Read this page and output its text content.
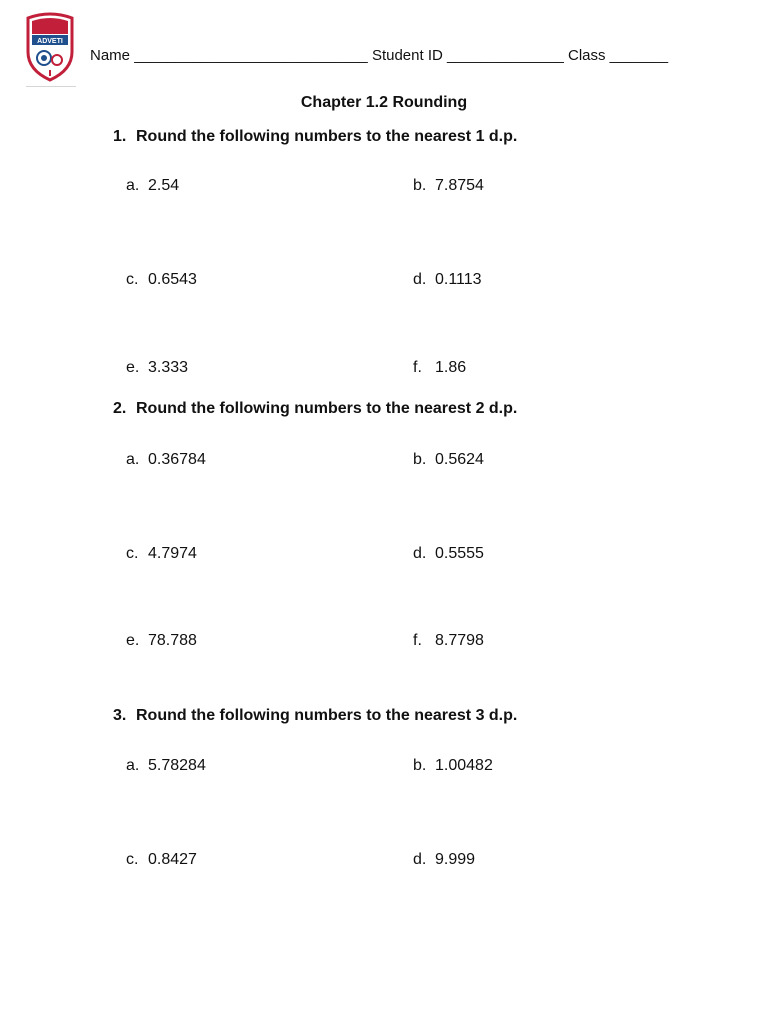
ADVETI
Name ____________________________ Student ID ______________ Class _______
Chapter 1.2 Rounding
1. Round the following numbers to the nearest 1 d.p.
a. 2.54	b. 7.8754
c. 0.6543	d. 0.1113
e. 3.333	f. 1.86
2. Round the following numbers to the nearest 2 d.p.
a. 0.36784	b. 0.5624
c. 4.7974	d. 0.5555
e. 78.788	f. 8.7798
3. Round the following numbers to the nearest 3 d.p.
a. 5.78284	b. 1.00482
c. 0.8427	d. 9.999
